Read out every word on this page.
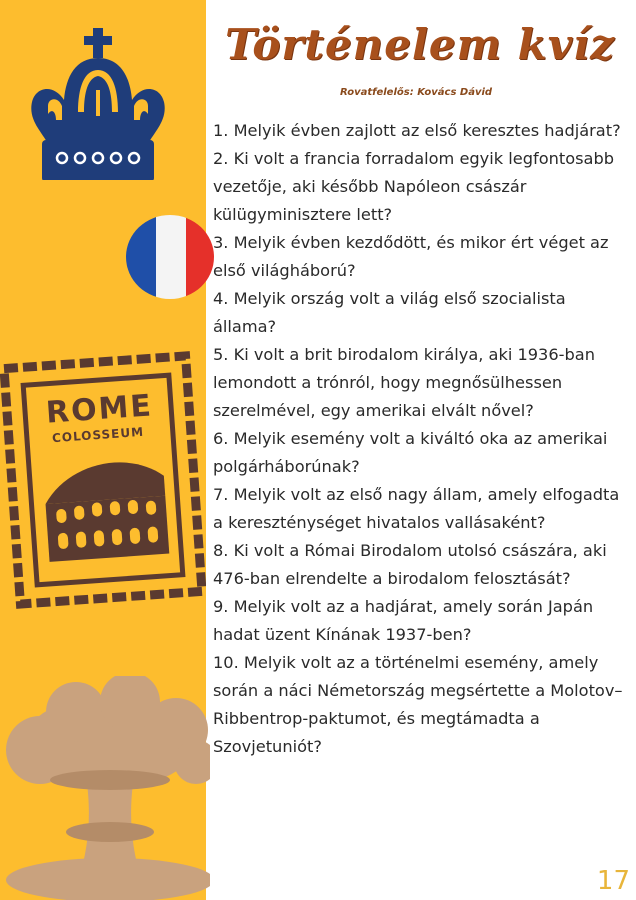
ROME
COLOSSEUM
Történelem kvíz
Rovatfelelős: Kovács Dávid
1. Melyik évben zajlott az első keresztes hadjárat?
2. Ki volt a francia forradalom egyik legfontosabb vezetője, aki később Napóleon császár külügyminisztere lett?
3. Melyik évben kezdődött, és mikor ért véget az első világháború?
4. Melyik ország volt a világ első szocialista állama?
5. Ki volt a brit birodalom királya, aki 1936-ban lemondott a trónról, hogy megnősülhessen szerelmével, egy amerikai elvált nővel?
6. Melyik esemény volt a kiváltó oka az amerikai polgárháborúnak?
7. Melyik volt az első nagy állam, amely elfogadta a kereszténységet hivatalos vallásaként?
8. Ki volt a Római Birodalom utolsó császára, aki 476-ban elrendelte a birodalom felosztását?
9. Melyik volt az a hadjárat, amely során Japán hadat üzent Kínának 1937-ben?
10. Melyik volt az a történelmi esemény, amely során a náci Németország megsértette a Molotov–Ribbentrop-paktumot, és megtámadta a Szovjetuniót?
17
